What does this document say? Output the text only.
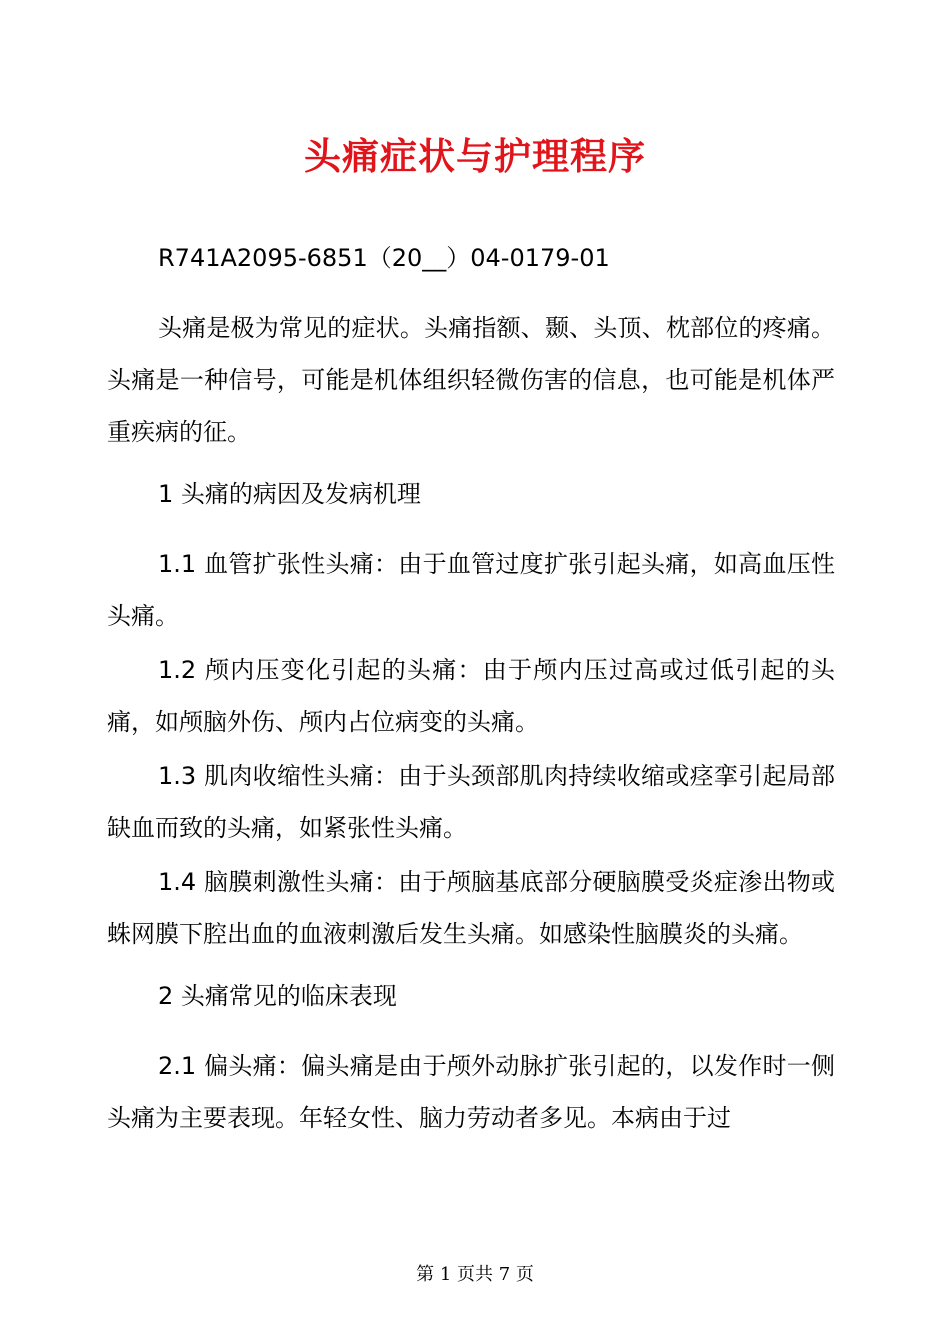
头痛症状与护理程序

R741A2095-6851（20__）04-0179-01

头痛是极为常见的症状。头痛指额、颞、头顶、枕部位的疼痛。头痛是一种信号，可能是机体组织轻微伤害的信息，也可能是机体严重疾病的征。

1 头痛的病因及发病机理

1.1 血管扩张性头痛：由于血管过度扩张引起头痛，如高血压性头痛。

1.2 颅内压变化引起的头痛：由于颅内压过高或过低引起的头痛，如颅脑外伤、颅内占位病变的头痛。

1.3 肌肉收缩性头痛：由于头颈部肌肉持续收缩或痉挛引起局部缺血而致的头痛，如紧张性头痛。

1.4 脑膜刺激性头痛：由于颅脑基底部分硬脑膜受炎症渗出物或蛛网膜下腔出血的血液刺激后发生头痛。如感染性脑膜炎的头痛。

2 头痛常见的临床表现

2.1 偏头痛：偏头痛是由于颅外动脉扩张引起的，以发作时一侧头痛为主要表现。年轻女性、脑力劳动者多见。本病由于过

第 1 页共 7 页
